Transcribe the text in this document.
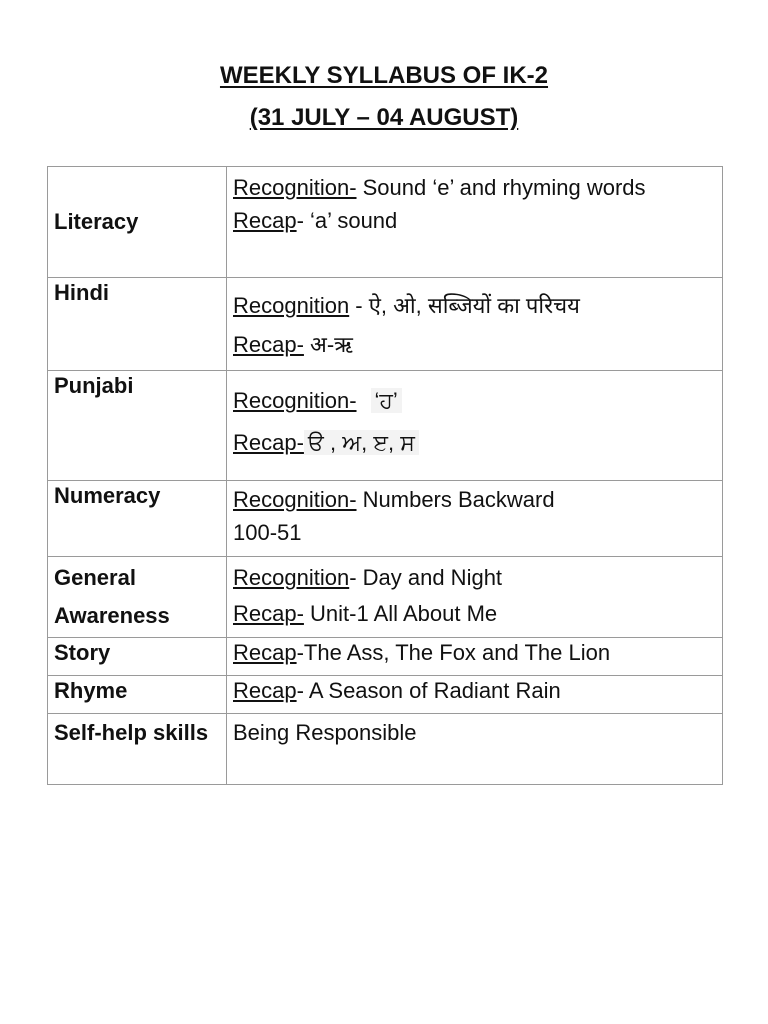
WEEKLY SYLLABUS OF IK-2
(31 JULY – 04 AUGUST)
Literacy	Recognition- Sound ‘e’ and rhyming words
Recap- ‘a’ sound

Hindi	Recognition - ऐ, ओ, सब्जियों का परिचय
Recap- अ-ऋ

Punjabi	Recognition- ‘ਹ’
Recap- ੳ , ਅ, ੲ, ਸ

Numeracy	Recognition- Numbers Backward
100-51

General Awareness	Recognition- Day and Night
Recap- Unit-1 All About Me

Story	Recap-The Ass, The Fox and The Lion
Rhyme	Recap- A Season of Radiant Rain
Self-help skills	Being Responsible
